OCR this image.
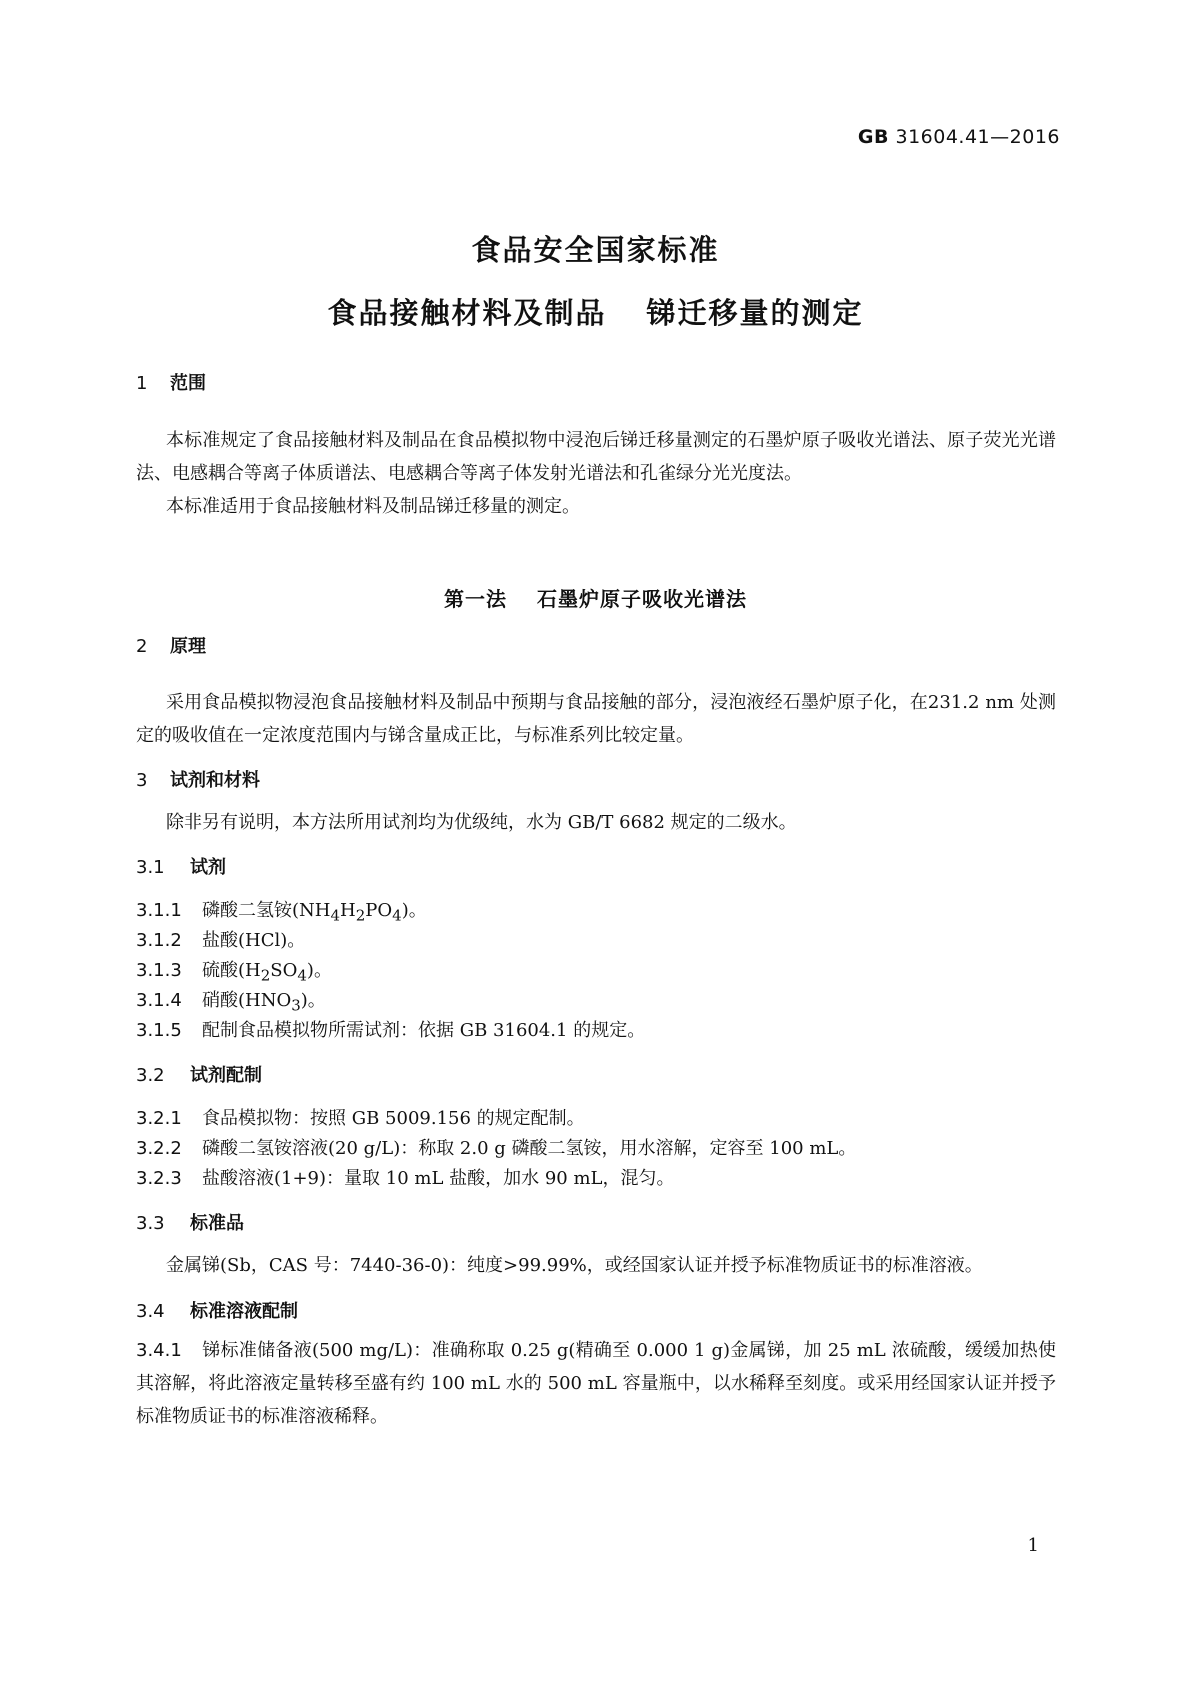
GB 31604.41—2016
食品安全国家标准
食品接触材料及制品 锑迁移量的测定
1 范围
本标准规定了食品接触材料及制品在食品模拟物中浸泡后锑迁移量测定的石墨炉原子吸收光谱法、原子荧光光谱法、电感耦合等离子体质谱法、电感耦合等离子体发射光谱法和孔雀绿分光光度法。
本标准适用于食品接触材料及制品锑迁移量的测定。
第一法 石墨炉原子吸收光谱法
2 原理
采用食品模拟物浸泡食品接触材料及制品中预期与食品接触的部分，浸泡液经石墨炉原子化，在231.2 nm 处测定的吸收值在一定浓度范围内与锑含量成正比，与标准系列比较定量。
3 试剂和材料
除非另有说明，本方法所用试剂均为优级纯，水为 GB/T 6682 规定的二级水。
3.1 试剂
3.1.1 磷酸二氢铵$(NH_4H_2PO_4)$。
3.1.2 盐酸(HCl)。
3.1.3 硫酸$(H_2SO_4)$。
3.1.4 硝酸$(HNO_3)$。
3.1.5 配制食品模拟物所需试剂：依据 GB 31604.1 的规定。
3.2 试剂配制
3.2.1 食品模拟物：按照 GB 5009.156 的规定配制。
3.2.2 磷酸二氢铵溶液(20 g/L)：称取 2.0 g 磷酸二氢铵，用水溶解，定容至 100 mL。
3.2.3 盐酸溶液(1+9)：量取 10 mL 盐酸，加水 90 mL，混匀。
3.3 标准品
金属锑(Sb，CAS 号：7440-36-0)：纯度>99.99%，或经国家认证并授予标准物质证书的标准溶液。
3.4 标准溶液配制
3.4.1 锑标准储备液(500 mg/L)：准确称取 0.25 g(精确至 0.000 1 g)金属锑，加 25 mL 浓硫酸，缓缓加热使其溶解，将此溶液定量转移至盛有约 100 mL 水的 500 mL 容量瓶中，以水稀释至刻度。或采用经国家认证并授予标准物质证书的标准溶液稀释。
1
